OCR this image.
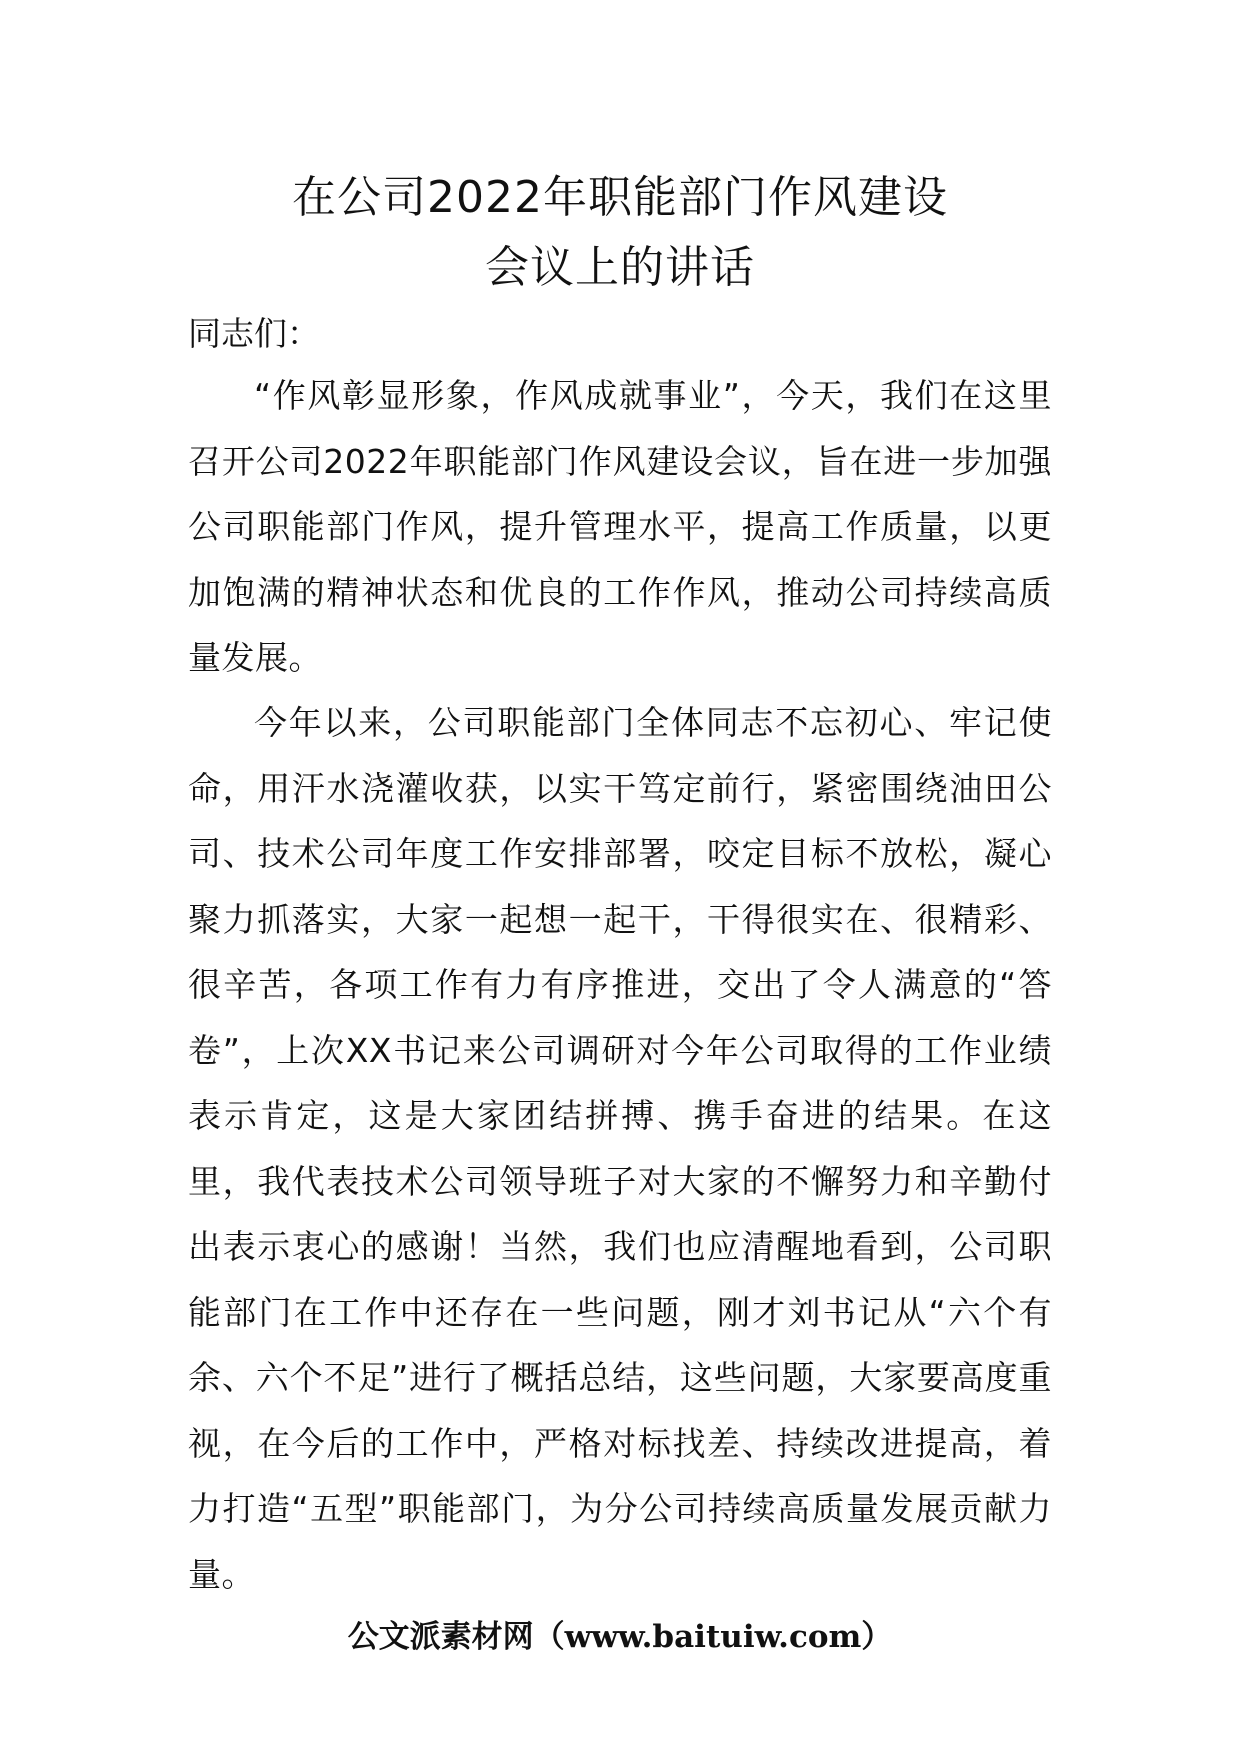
在公司2022年职能部门作风建设
会议上的讲话

同志们：

“作风彰显形象，作风成就事业”，今天，我们在这里召开公司2022年职能部门作风建设会议，旨在进一步加强公司职能部门作风，提升管理水平，提高工作质量，以更加饱满的精神状态和优良的工作作风，推动公司持续高质量发展。

今年以来，公司职能部门全体同志不忘初心、牢记使命，用汗水浇灌收获，以实干笃定前行，紧密围绕油田公司、技术公司年度工作安排部署，咬定目标不放松，凝心聚力抓落实，大家一起想一起干，干得很实在、很精彩、很辛苦，各项工作有力有序推进，交出了令人满意的“答卷”，上次XX书记来公司调研对今年公司取得的工作业绩表示肯定，这是大家团结拼搏、携手奋进的结果。在这里，我代表技术公司领导班子对大家的不懈努力和辛勤付出表示衷心的感谢！当然，我们也应清醒地看到，公司职能部门在工作中还存在一些问题，刚才刘书记从“六个有余、六个不足”进行了概括总结，这些问题，大家要高度重视，在今后的工作中，严格对标找差、持续改进提高，着力打造“五型”职能部门，为分公司持续高质量发展贡献力量。

公文派素材网（www.baituiw.com）
